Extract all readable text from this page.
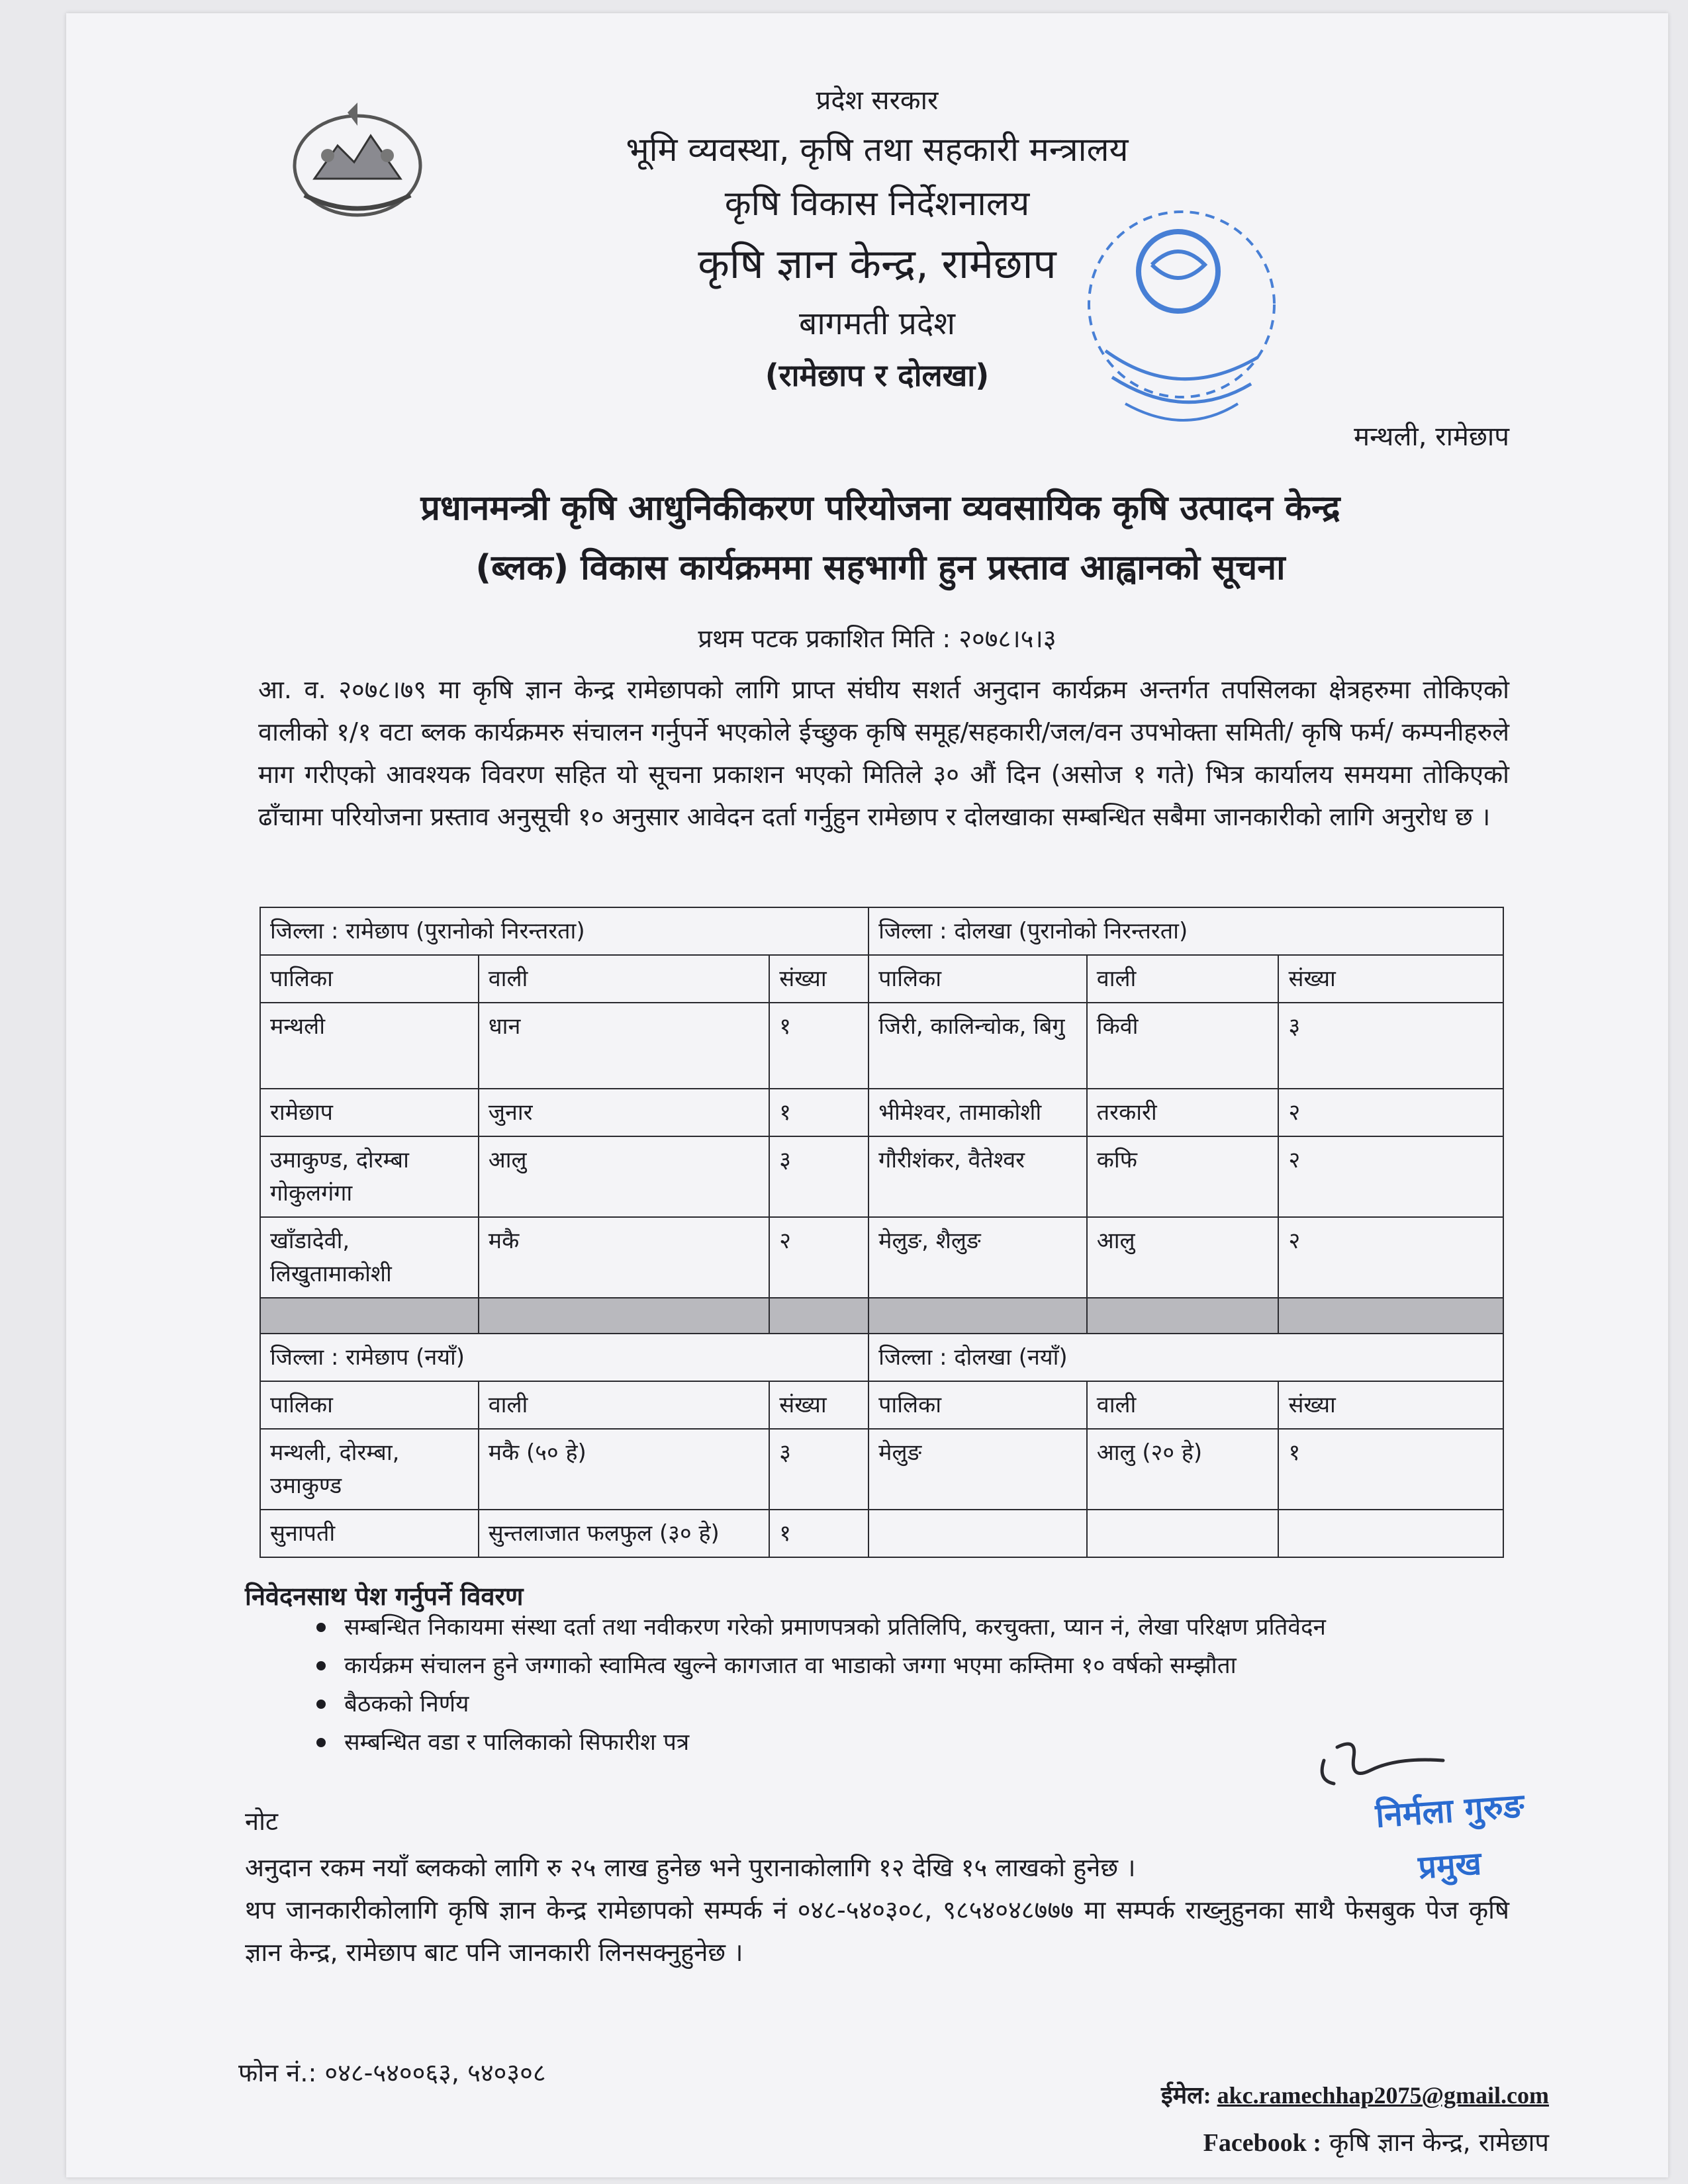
प्रदेश सरकार
भूमि व्यवस्था, कृषि तथा सहकारी मन्त्रालय
कृषि विकास निर्देशनालय
कृषि ज्ञान केन्द्र, रामेछाप
बागमती प्रदेश
(रामेछाप र दोलखा)
मन्थली, रामेछाप
प्रधानमन्त्री कृषि आधुनिकीकरण परियोजना व्यवसायिक कृषि उत्पादन केन्द्र
(ब्लक) विकास कार्यक्रममा सहभागी हुन प्रस्ताव आह्वानको सूचना
प्रथम पटक प्रकाशित मिति : २०७८।५।३
आ. व. २०७८।७९ मा कृषि ज्ञान केन्द्र रामेछापको लागि प्राप्त संघीय सशर्त अनुदान कार्यक्रम अन्तर्गत तपसिलका क्षेत्रहरुमा तोकिएको वालीको १/१ वटा ब्लक कार्यक्रमरु संचालन गर्नुपर्ने भएकोले ईच्छुक कृषि समूह/सहकारी/जल/वन उपभोक्ता समिती/ कृषि फर्म/ कम्पनीहरुले माग गरीएको आवश्यक विवरण सहित यो सूचना प्रकाशन भएको मितिले ३० औं दिन (असोज १ गते) भित्र कार्यालय समयमा तोकिएको ढाँचामा परियोजना प्रस्ताव अनुसूची १० अनुसार आवेदन दर्ता गर्नुहुन रामेछाप र दोलखाका सम्बन्धित सबैमा जानकारीको लागि अनुरोध छ ।
जिल्ला : रामेछाप (पुरानोको निरन्तरता)			जिल्ला : दोलखा (पुरानोको निरन्तरता)		
पालिका	वाली	संख्या	पालिका	वाली	संख्या
मन्थली	धान	१	जिरी, कालिन्चोक, बिगु	किवी	३
रामेछाप	जुनार	१	भीमेश्वर, तामाकोशी	तरकारी	२
उमाकुण्ड, दोरम्बा गोकुलगंगा	आलु	३	गौरीशंकर, वैतेश्वर	कफि	२
खाँडादेवी, लिखुतामाकोशी	मकै	२	मेलुङ, शैलुङ	आलु	२

जिल्ला : रामेछाप (नयाँ)			जिल्ला : दोलखा (नयाँ)		
पालिका	वाली	संख्या	पालिका	वाली	संख्या
मन्थली, दोरम्बा, उमाकुण्ड	मकै (५० हे)	३	मेलुङ	आलु (२० हे)	१
सुनापती	सुन्तलाजात फलफुल (३० हे)	१			
निवेदनसाथ पेश गर्नुपर्ने विवरण
सम्बन्धित निकायमा संस्था दर्ता तथा नवीकरण गरेको प्रमाणपत्रको प्रतिलिपि, करचुक्ता, प्यान नं, लेखा परिक्षण प्रतिवेदन
कार्यक्रम संचालन हुने जग्गाको स्वामित्व खुल्ने कागजात वा भाडाको जग्गा भएमा कम्तिमा १० वर्षको सम्झौता
बैठकको निर्णय
सम्बन्धित वडा र पालिकाको सिफारीश पत्र
निर्मला गुरुङ
प्रमुख
नोट
अनुदान रकम नयाँ ब्लकको लागि रु २५ लाख हुनेछ भने पुरानाकोलागि १२ देखि १५ लाखको हुनेछ ।
थप जानकारीकोलागि कृषि ज्ञान केन्द्र रामेछापको सम्पर्क नं ०४८-५४०३०८, ९८५४०४८७७७ मा सम्पर्क राख्नुहुनका साथै फेसबुक पेज कृषि ज्ञान केन्द्र, रामेछाप बाट पनि जानकारी लिनसक्नुहुनेछ ।
फोन नं.: ०४८-५४००६३, ५४०३०८
ईमेल: akc.ramechhap2075@gmail.com
Facebook : कृषि ज्ञान केन्द्र, रामेछाप
